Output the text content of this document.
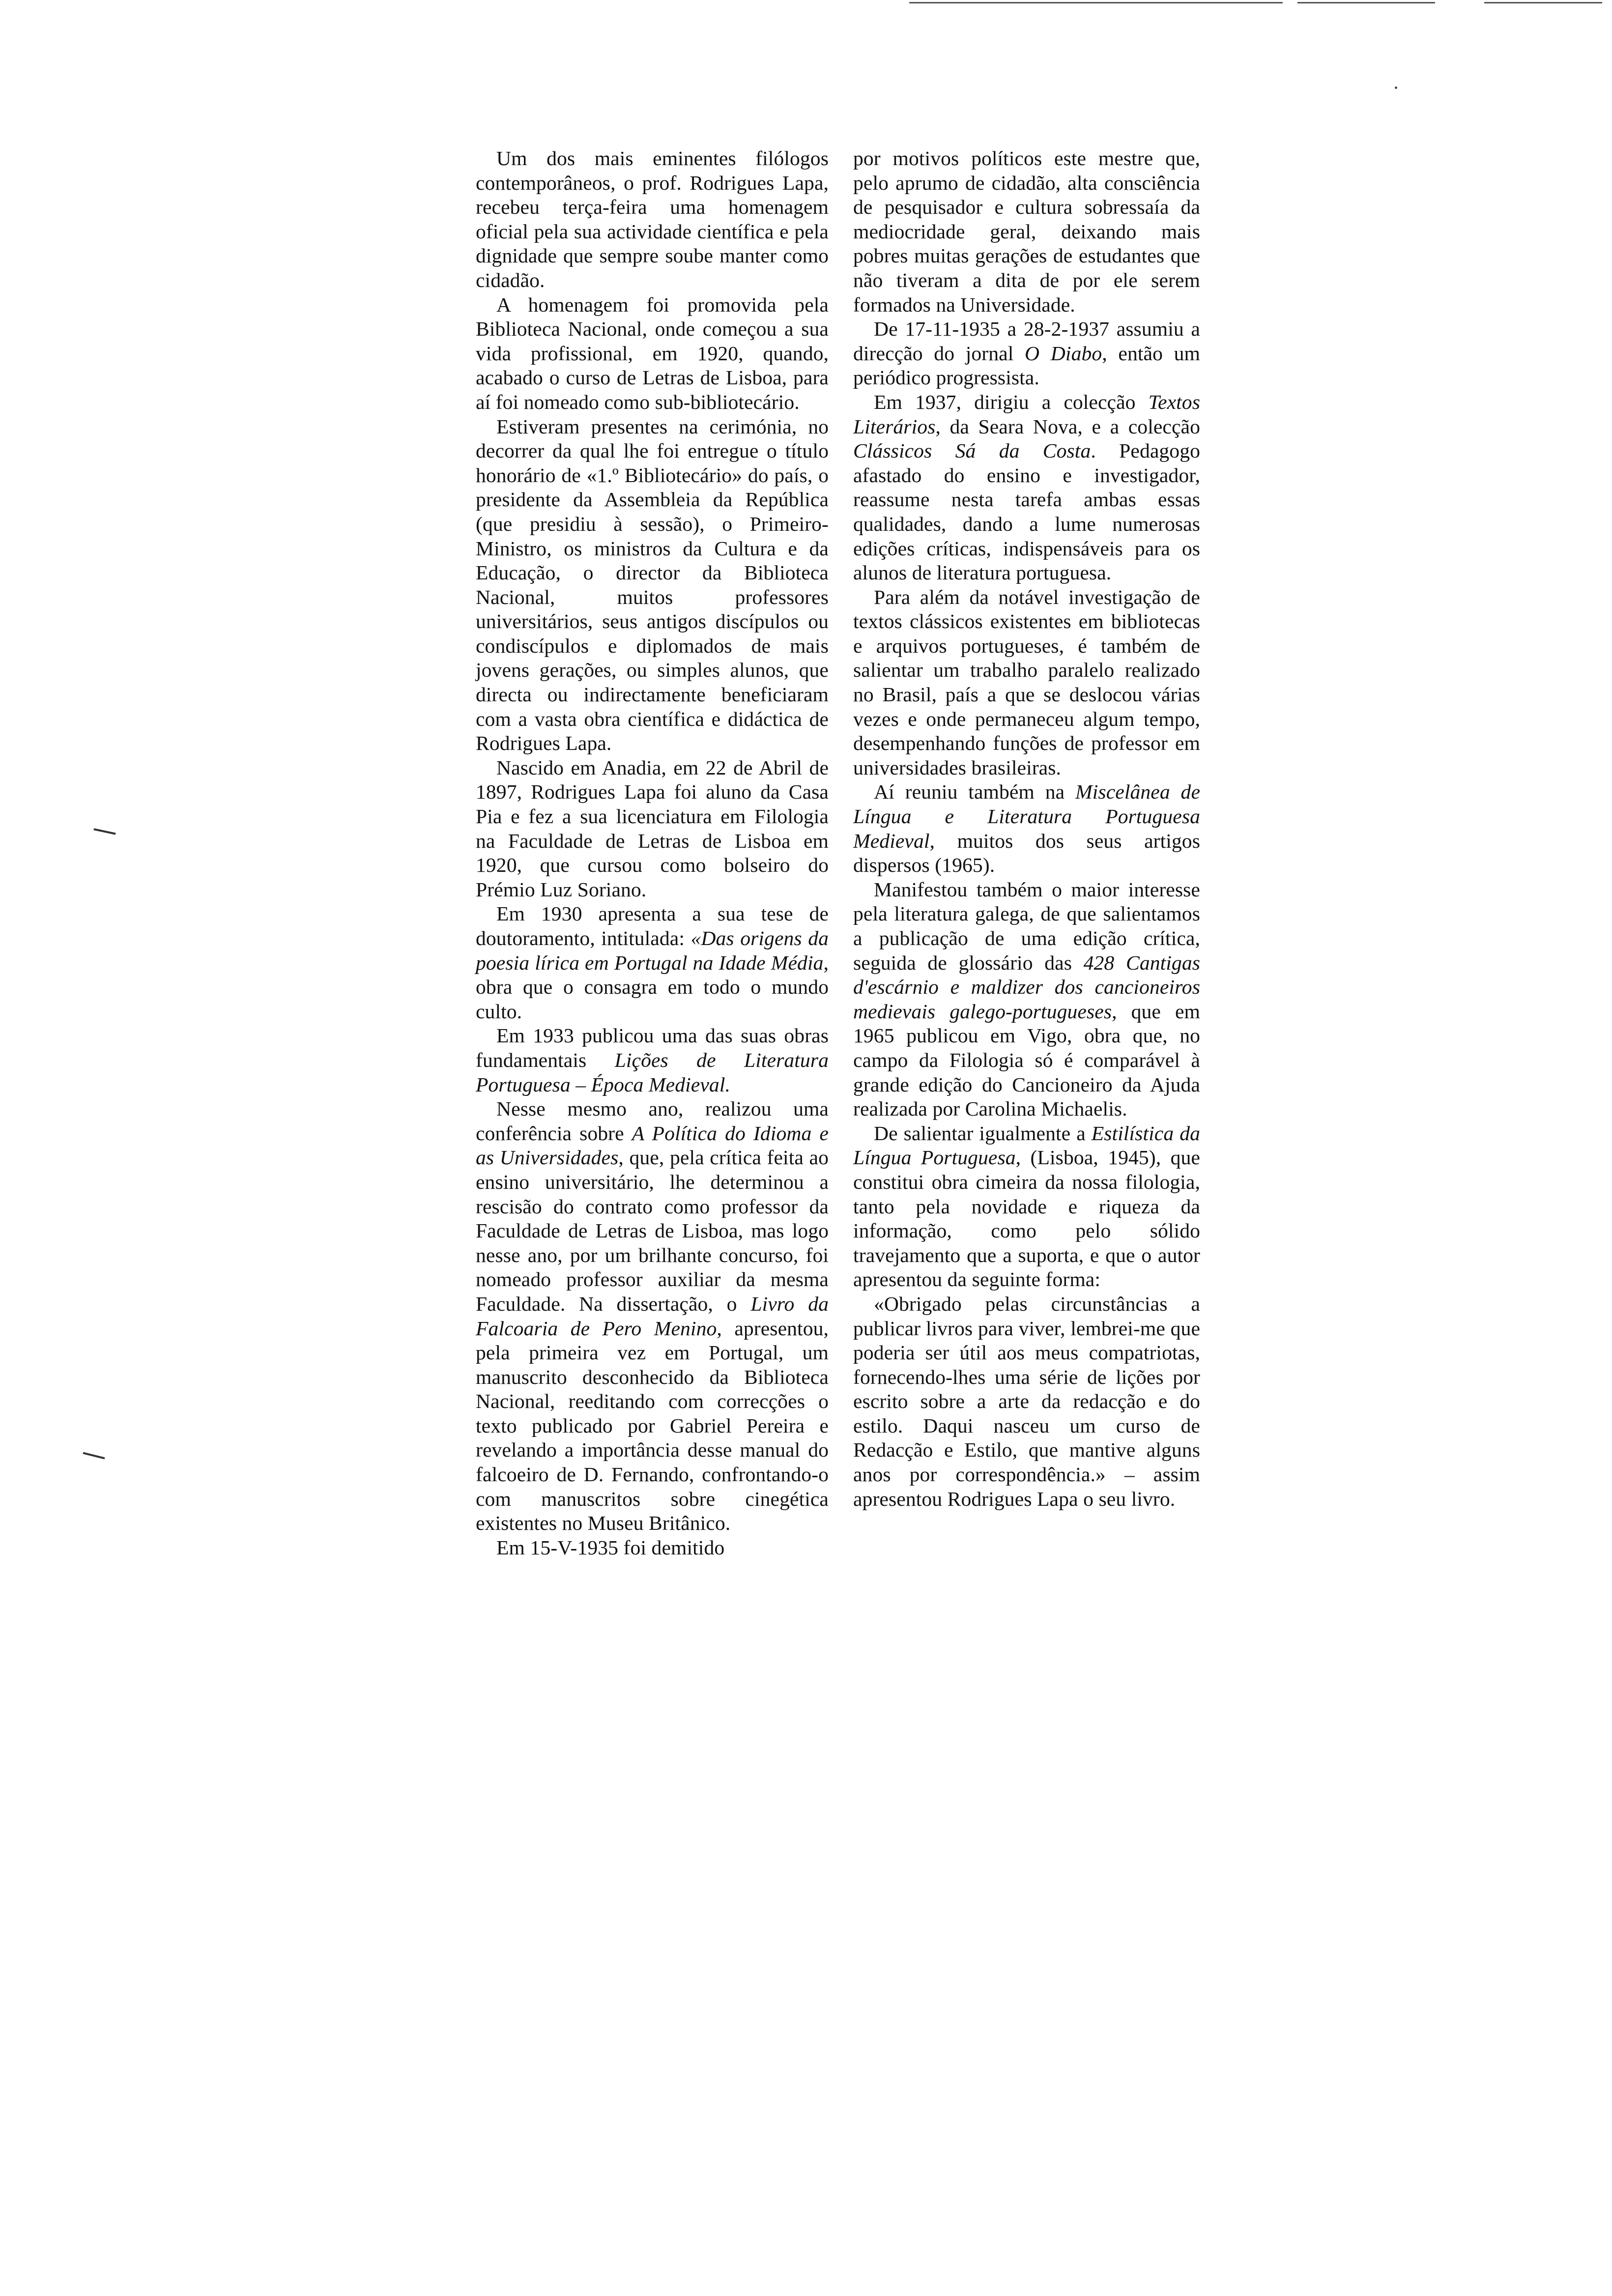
Um dos mais eminentes filólogos contemporâneos, o prof. Rodrigues Lapa, recebeu terça-feira uma homenagem oficial pela sua actividade científica e pela dignidade que sempre soube manter como cidadão.

A homenagem foi promovida pela Biblioteca Nacional, onde começou a sua vida profissional, em 1920, quando, acabado o curso de Letras de Lisboa, para aí foi nomeado como sub-bibliotecário.

Estiveram presentes na cerimónia, no decorrer da qual lhe foi entregue o título honorário de «1.º Bibliotecário» do país, o presidente da Assembleia da República (que presidiu à sessão), o Primeiro-Ministro, os ministros da Cultura e da Educação, o director da Biblioteca Nacional, muitos professores universitários, seus antigos discípulos ou condiscípulos e diplomados de mais jovens gerações, ou simples alunos, que directa ou indirectamente beneficiaram com a vasta obra científica e didáctica de Rodrigues Lapa.

Nascido em Anadia, em 22 de Abril de 1897, Rodrigues Lapa foi aluno da Casa Pia e fez a sua licenciatura em Filologia na Faculdade de Letras de Lisboa em 1920, que cursou como bolseiro do Prémio Luz Soriano.

Em 1930 apresenta a sua tese de doutoramento, intitulada: «Das origens da poesia lírica em Portugal na Idade Média, obra que o consagra em todo o mundo culto.

Em 1933 publicou uma das suas obras fundamentais Lições de Literatura Portuguesa – Época Medieval.

Nesse mesmo ano, realizou uma conferência sobre A Política do Idioma e as Universidades, que, pela crítica feita ao ensino universitário, lhe determinou a rescisão do contrato como professor da Faculdade de Letras de Lisboa, mas logo nesse ano, por um brilhante concurso, foi nomeado professor auxiliar da mesma Faculdade. Na dissertação, o Livro da Falcoaria de Pero Menino, apresentou, pela primeira vez em Portugal, um manuscrito desconhecido da Biblioteca Nacional, reeditando com correcções o texto publicado por Gabriel Pereira e revelando a importância desse manual do falcoeiro de D. Fernando, confrontando-o com manuscritos sobre cinegética existentes no Museu Britânico.

Em 15-V-1935 foi demitido

por motivos políticos este mestre que, pelo aprumo de cidadão, alta consciência de pesquisador e cultura sobressaía da mediocridade geral, deixando mais pobres muitas gerações de estudantes que não tiveram a dita de por ele serem formados na Universidade.

De 17-11-1935 a 28-2-1937 assumiu a direcção do jornal O Diabo, então um periódico progressista.

Em 1937, dirigiu a colecção Textos Literários, da Seara Nova, e a colecção Clássicos Sá da Costa. Pedagogo afastado do ensino e investigador, reassume nesta tarefa ambas essas qualidades, dando a lume numerosas edições críticas, indispensáveis para os alunos de literatura portuguesa.

Para além da notável investigação de textos clássicos existentes em bibliotecas e arquivos portugueses, é também de salientar um trabalho paralelo realizado no Brasil, país a que se deslocou várias vezes e onde permaneceu algum tempo, desempenhando funções de professor em universidades brasileiras.

Aí reuniu também na Miscelânea de Língua e Literatura Portuguesa Medieval, muitos dos seus artigos dispersos (1965).

Manifestou também o maior interesse pela literatura galega, de que salientamos a publicação de uma edição crítica, seguida de glossário das 428 Cantigas d'escárnio e maldizer dos cancioneiros medievais galego-portugueses, que em 1965 publicou em Vigo, obra que, no campo da Filologia só é comparável à grande edição do Cancioneiro da Ajuda realizada por Carolina Michaelis.

De salientar igualmente a Estilística da Língua Portuguesa, (Lisboa, 1945), que constitui obra cimeira da nossa filologia, tanto pela novidade e riqueza da informação, como pelo sólido travejamento que a suporta, e que o autor apresentou da seguinte forma:

«Obrigado pelas circunstâncias a publicar livros para viver, lembrei-me que poderia ser útil aos meus compatriotas, fornecendo-lhes uma série de lições por escrito sobre a arte da redacção e do estilo. Daqui nasceu um curso de Redacção e Estilo, que mantive alguns anos por correspondência.» – assim apresentou Rodrigues Lapa o seu livro.
